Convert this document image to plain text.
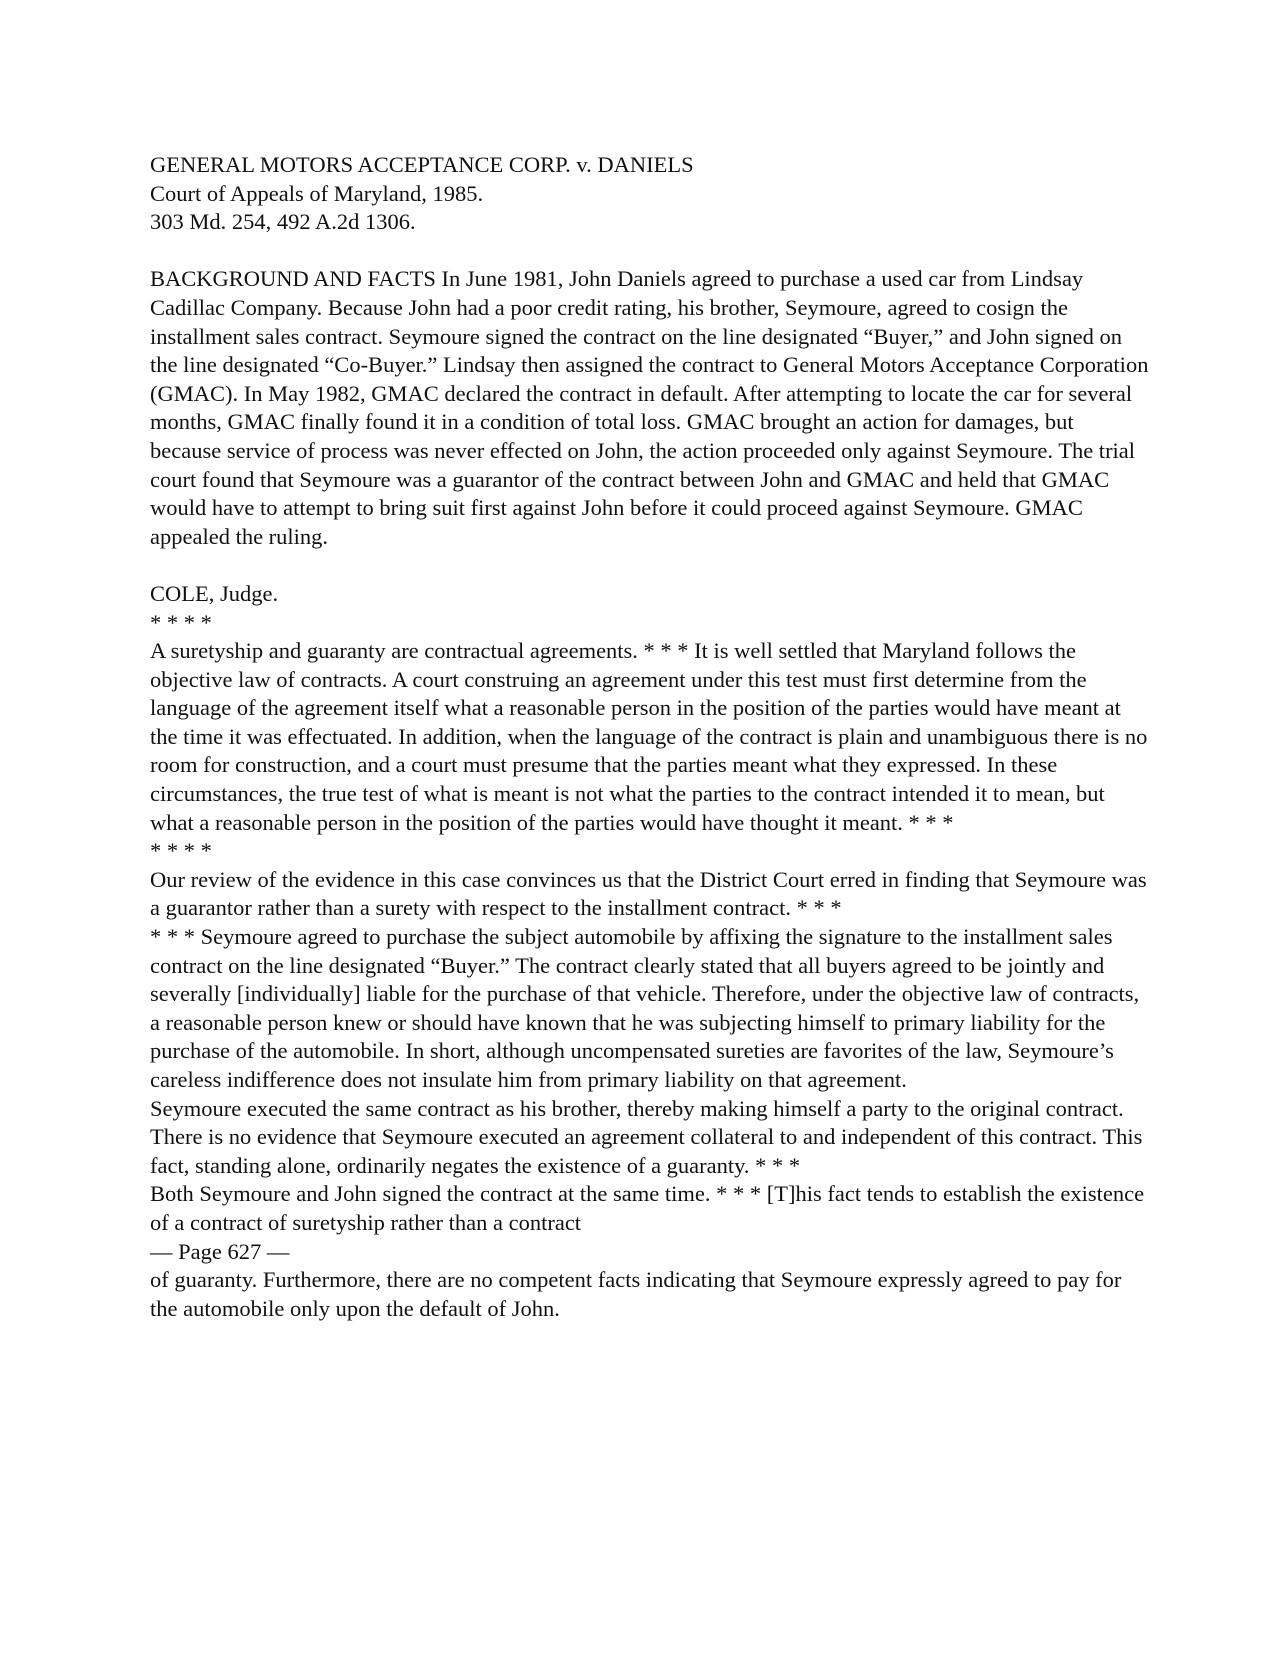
GENERAL MOTORS ACCEPTANCE CORP. v. DANIELS

Court of Appeals of Maryland, 1985.

303 Md. 254, 492 A.2d 1306.

BACKGROUND AND FACTS In June 1981, John Daniels agreed to purchase a used car from Lindsay Cadillac Company. Because John had a poor credit rating, his brother, Seymoure, agreed to cosign the installment sales contract. Seymoure signed the contract on the line designated “Buyer,” and John signed on the line designated “Co-Buyer.” Lindsay then assigned the contract to General Motors Acceptance Corporation (GMAC). In May 1982, GMAC declared the contract in default. After attempting to locate the car for several months, GMAC finally found it in a condition of total loss. GMAC brought an action for damages, but because service of process was never effected on John, the action proceeded only against Seymoure. The trial court found that Seymoure was a guarantor of the contract between John and GMAC and held that GMAC would have to attempt to bring suit first against John before it could proceed against Seymoure. GMAC appealed the ruling.

COLE, Judge.

* * * *

A suretyship and guaranty are contractual agreements. * * * It is well settled that Maryland follows the objective law of contracts. A court construing an agreement under this test must first determine from the language of the agreement itself what a reasonable person in the position of the parties would have meant at the time it was effectuated. In addition, when the language of the contract is plain and unambiguous there is no room for construction, and a court must presume that the parties meant what they expressed. In these circumstances, the true test of what is meant is not what the parties to the contract intended it to mean, but what a reasonable person in the position of the parties would have thought it meant. * * *

* * * *

Our review of the evidence in this case convinces us that the District Court erred in finding that Seymoure was a guarantor rather than a surety with respect to the installment contract. * * *

* * * Seymoure agreed to purchase the subject automobile by affixing the signature to the installment sales contract on the line designated “Buyer.” The contract clearly stated that all buyers agreed to be jointly and severally [individually] liable for the purchase of that vehicle. Therefore, under the objective law of contracts, a reasonable person knew or should have known that he was subjecting himself to primary liability for the purchase of the automobile. In short, although uncompensated sureties are favorites of the law, Seymoure’s careless indifference does not insulate him from primary liability on that agreement.

Seymoure executed the same contract as his brother, thereby making himself a party to the original contract. There is no evidence that Seymoure executed an agreement collateral to and independent of this contract. This fact, standing alone, ordinarily negates the existence of a guaranty. * * *

Both Seymoure and John signed the contract at the same time. * * * [T]his fact tends to establish the existence of a contract of suretyship rather than a contract

— Page 627 —

of guaranty. Furthermore, there are no competent facts indicating that Seymoure expressly agreed to pay for the automobile only upon the default of John.
